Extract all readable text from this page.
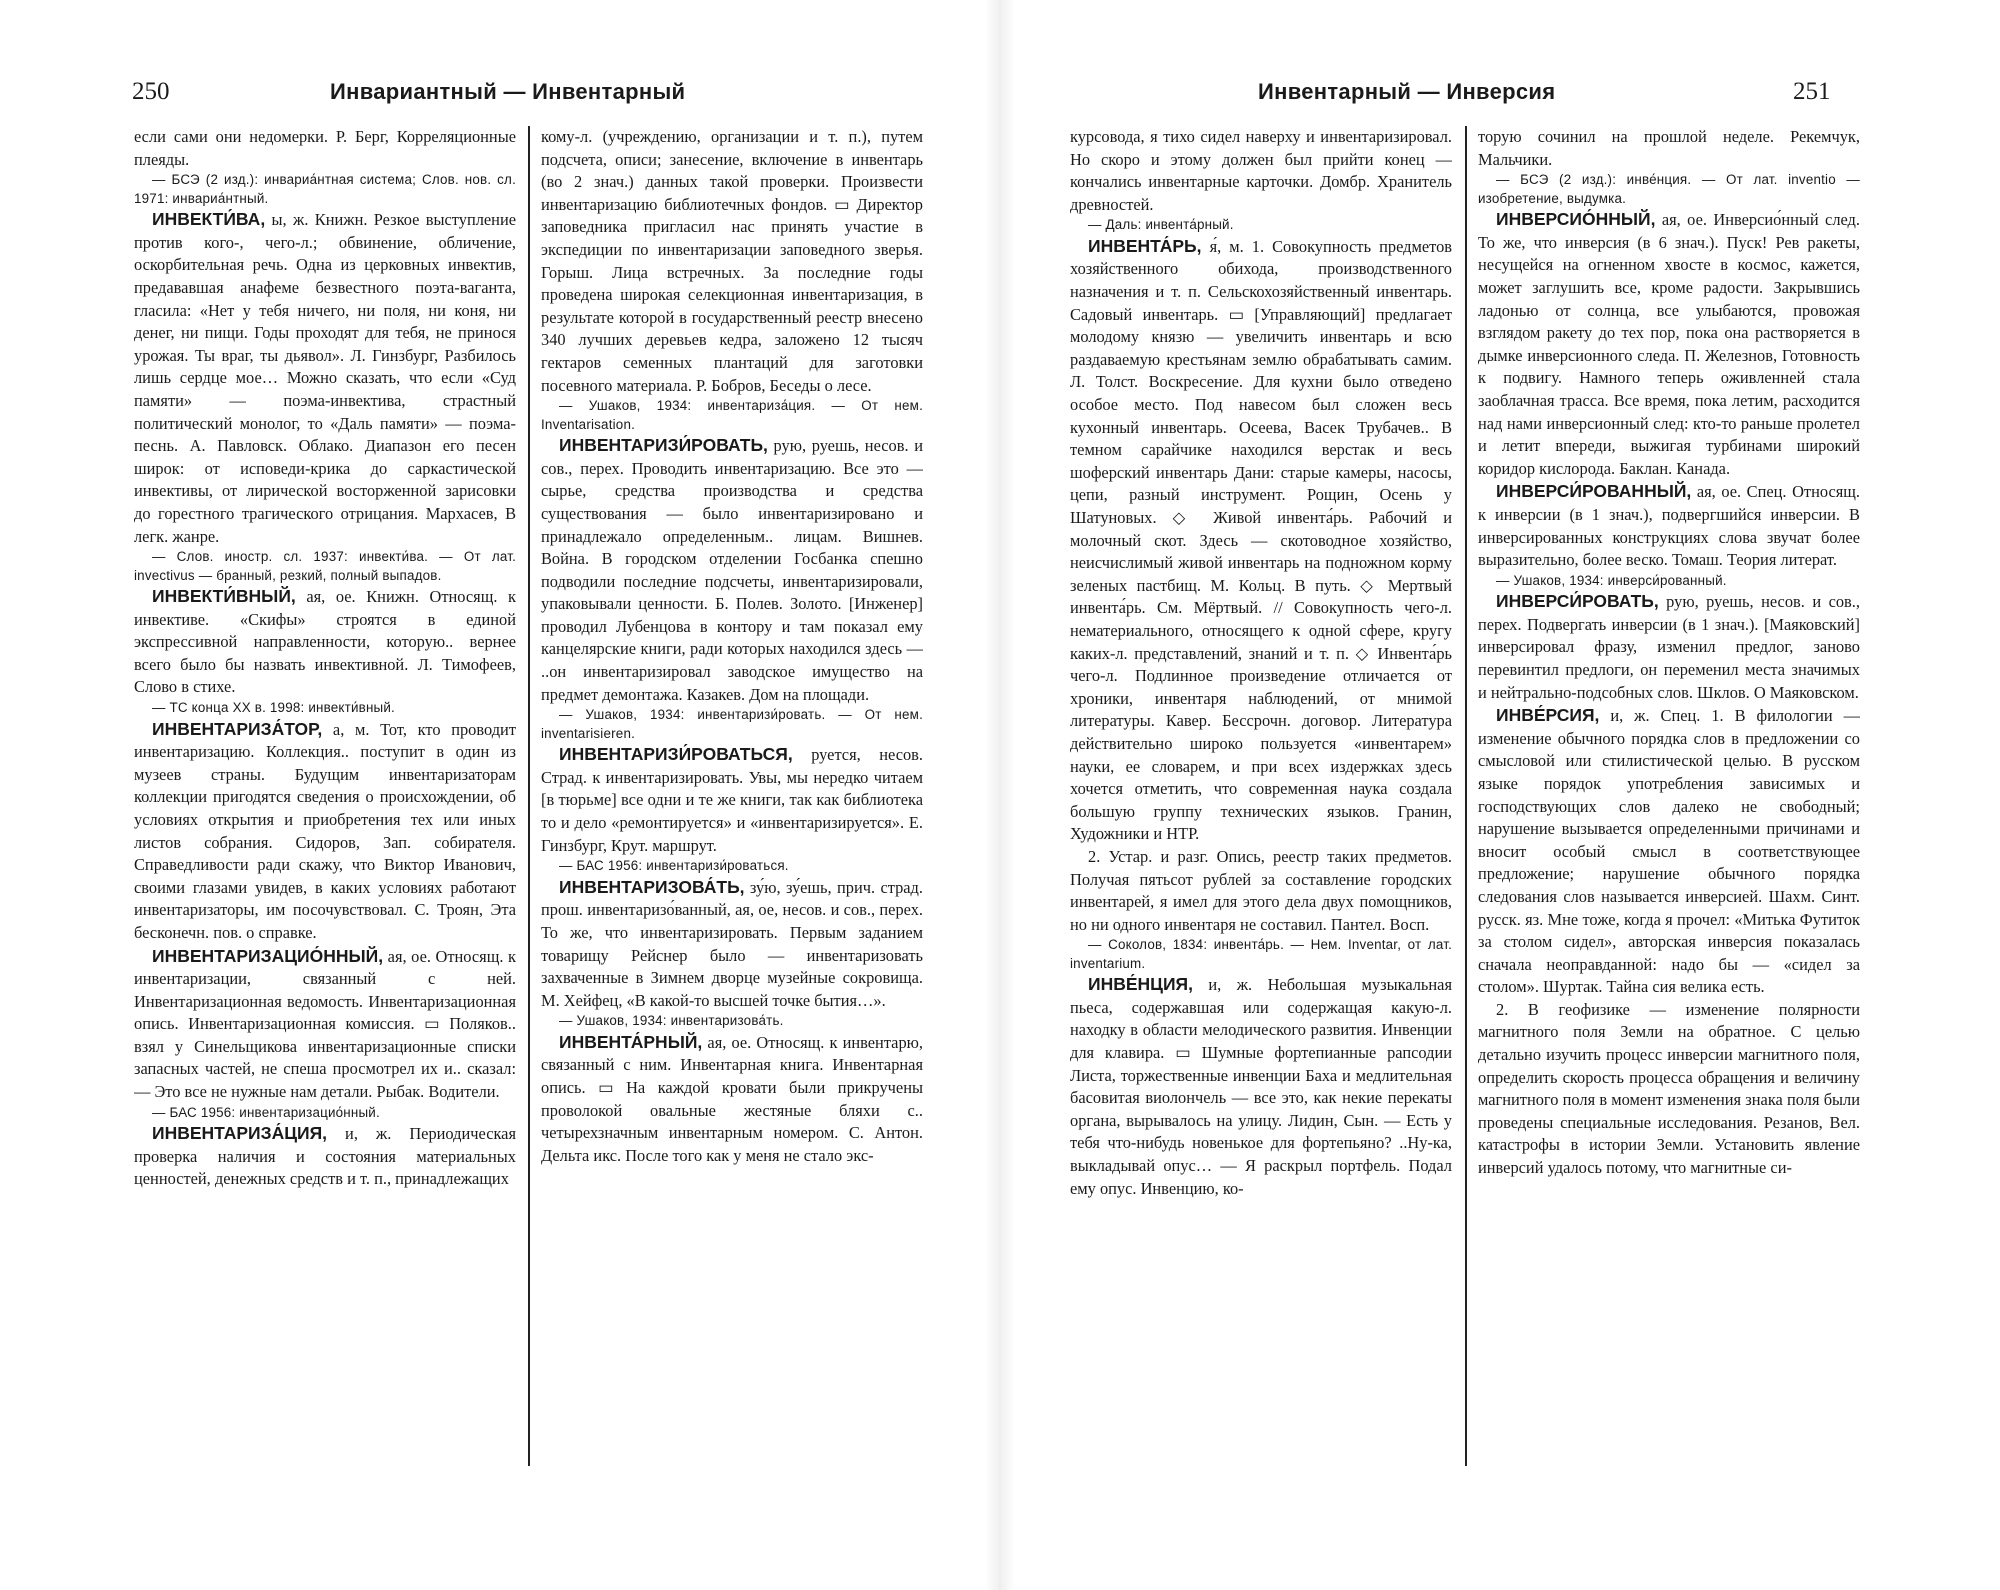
250	Инвариантный — Инвентарный

если сами они недомерки. Р. Берг, Корреляционные плеяды.

— БСЭ (2 изд.): инвариа́нтная система; Слов. нов. сл. 1971: инвариа́нтный.

ИНВЕКТИ́ВА, ы, ж. Книжн. Резкое выступление против кого-, чего-л.; обвинение, обличение, оскорбительная речь. Одна из церковных инвектив, предававшая анафеме безвестного поэта-ваганта, гласила: «Нет у тебя ничего, ни поля, ни коня, ни денег, ни пищи. Годы проходят для тебя, не принося урожая. Ты враг, ты дьявол». Л. Гинзбург, Разбилось лишь сердце мое… Можно сказать, что если «Суд памяти» — поэма-инвектива, страстный политический монолог, то «Даль памяти» — поэма-песнь. А. Павловск. Облако. Диапазон его песен широк: от исповеди-крика до саркастической инвективы, от лирической восторженной зарисовки до горестного трагического отрицания. Мархасев, В легк. жанре.

— Слов. иностр. сл. 1937: инвекти́ва. — От лат. invectivus — бранный, резкий, полный выпадов.

ИНВЕКТИ́ВНЫЙ, ая, ое. Книжн. Относящ. к инвективе. «Скифы» строятся в единой экспрессивной направленности, которую.. вернее всего было бы назвать инвективной. Л. Тимофеев, Слово в стихе.

— ТС конца XX в. 1998: инвекти́вный.

ИНВЕНТАРИЗА́ТОР, а, м. Тот, кто проводит инвентаризацию. Коллекция.. поступит в один из музеев страны. Будущим инвентаризаторам коллекции пригодятся сведения о происхождении, об условиях открытия и приобретения тех или иных листов собрания. Сидоров, Зап. собирателя. Справедливости ради скажу, что Виктор Иванович, своими глазами увидев, в каких условиях работают инвентаризаторы, им посочувствовал. С. Троян, Эта бесконечн. пов. о справке.

ИНВЕНТАРИЗАЦИО́ННЫЙ, ая, ое. Относящ. к инвентаризации, связанный с ней. Инвентаризационная ведомость. Инвентаризационная опись. Инвентаризационная комиссия. ▭ Поляков.. взял у Синельщикова инвентаризационные списки запасных частей, не спеша просмотрел их и.. сказал: — Это все не нужные нам детали. Рыбак. Водители.

— БАС 1956: инвентаризацио́нный.

ИНВЕНТАРИЗА́ЦИЯ, и, ж. Периодическая проверка наличия и состояния материальных ценностей, денежных средств и т. п., принадлежащих

кому-л. (учреждению, организации и т. п.), путем подсчета, описи; занесение, включение в инвентарь (во 2 знач.) данных такой проверки. Произвести инвентаризацию библиотечных фондов. ▭ Директор заповедника пригласил нас принять участие в экспедиции по инвентаризации заповедного зверья. Горыш. Лица встречных. За последние годы проведена широкая селекционная инвентаризация, в результате которой в государственный реестр внесено 340 лучших деревьев кедра, заложено 12 тысяч гектаров семенных плантаций для заготовки посевного материала. Р. Бобров, Беседы о лесе.

— Ушаков, 1934: инвентариза́ция. — От нем. Inventarisation.

ИНВЕНТАРИЗИ́РОВАТЬ, рую, руешь, несов. и сов., перех. Проводить инвентаризацию. Все это — сырье, средства производства и средства существования — было инвентаризировано и принадлежало определенным.. лицам. Вишнев. Война. В городском отделении Госбанка спешно подводили последние подсчеты, инвентаризировали, упаковывали ценности. Б. Полев. Золото. [Инженер] проводил Лубенцова в контору и там показал ему канцелярские книги, ради которых находился здесь — ..он инвентаризировал заводское имущество на предмет демонтажа. Казакев. Дом на площади.

— Ушаков, 1934: инвентаризи́ровать. — От нем. inventarisieren.

ИНВЕНТАРИЗИ́РОВАТЬСЯ, руется, несов. Страд. к инвентаризировать. Увы, мы нередко читаем [в тюрьме] все одни и те же книги, так как библиотека то и дело «ремонтируется» и «инвентаризируется». Е. Гинзбург, Крут. маршрут.

— БАС 1956: инвентаризи́роваться.

ИНВЕНТАРИЗОВА́ТЬ, зу́ю, зу́ешь, прич. страд. прош. инвентаризо́ванный, ая, ое, несов. и сов., перех. То же, что инвентаризировать. Первым заданием товарищу Рейснер было — инвентаризовать захваченные в Зимнем дворце музейные сокровища. М. Хейфец, «В какой-то высшей точке бытия…».

— Ушаков, 1934: инвентаризова́ть.

ИНВЕНТА́РНЫЙ, ая, ое. Относящ. к инвентарю, связанный с ним. Инвентарная книга. Инвентарная опись. ▭ На каждой кровати были прикручены проволокой овальные жестяные бляхи с.. четырехзначным инвентарным номером. С. Антон. Дельта икс. После того как у меня не стало экс-

Инвентарный — Инверсия	251

курсовода, я тихо сидел наверху и инвентаризировал. Но скоро и этому должен был прийти конец — кончались инвентарные карточки. Домбр. Хранитель древностей.

— Даль: инвента́рный.

ИНВЕНТА́РЬ, я́, м. 1. Совокупность предметов хозяйственного обихода, производственного назначения и т. п. Сельскохозяйственный инвентарь. Садовый инвентарь. ▭ [Управляющий] предлагает молодому князю — увеличить инвентарь и всю раздаваемую крестьянам землю обрабатывать самим. Л. Толст. Воскресение. Для кухни было отведено особое место. Под навесом был сложен весь кухонный инвентарь. Осеева, Васек Трубачев.. В темном сарайчике находился верстак и весь шоферский инвентарь Дани: старые камеры, насосы, цепи, разный инструмент. Рощин, Осень у Шатуновых. ◇ Живой инвента́рь. Рабочий и молочный скот. Здесь — скотоводное хозяйство, неисчислимый живой инвентарь на подножном корму зеленых пастбищ. М. Кольц. В путь. ◇ Мертвый инвента́рь. См. Мёртвый. // Совокупность чего-л. нематериального, относящего к одной сфере, кругу каких-л. представлений, знаний и т. п. ◇ Инвента́рь чего-л. Подлинное произведение отличается от хроники, инвентаря наблюдений, от мнимой литературы. Кавер. Бессрочн. договор. Литература действительно широко пользуется «инвентарем» науки, ее словарем, и при всех издержках здесь хочется отметить, что современная наука создала большую группу технических языков. Гранин, Художники и НТР.

2. Устар. и разг. Опись, реестр таких предметов. Получая пятьсот рублей за составление городских инвентарей, я имел для этого дела двух помощников, но ни одного инвентаря не составил. Пантел. Восп.

— Соколов, 1834: инвента́рь. — Нем. Inventar, от лат. inventarium.

ИНВЕ́НЦИЯ, и, ж. Небольшая музыкальная пьеса, содержавшая или содержащая какую-л. находку в области мелодического развития. Инвенции для клавира. ▭ Шумные фортепианные рапсодии Листа, торжественные инвенции Баха и медлительная басовитая виолончель — все это, как некие перекаты органа, вырывалось на улицу. Лидин, Сын. — Есть у тебя что-нибудь новенькое для фортепьяно? ..Ну-ка, выкладывай опус… — Я раскрыл портфель. Подал ему опус. Инвенцию, ко-

торую сочинил на прошлой неделе. Рекемчук, Мальчики.

— БСЭ (2 изд.): инве́нция. — От лат. inventio — изобретение, выдумка.

ИНВЕРСИО́ННЫЙ, ая, ое. Инверсио́нный след. То же, что инверсия (в 6 знач.). Пуск! Рев ракеты, несущейся на огненном хвосте в космос, кажется, может заглушить все, кроме радости. Закрывшись ладонью от солнца, все улыбаются, провожая взглядом ракету до тех пор, пока она растворяется в дымке инверсионного следа. П. Железнов, Готовность к подвигу. Намного теперь оживленней стала заоблачная трасса. Все время, пока летим, расходится над нами инверсионный след: кто-то раньше пролетел и летит впереди, выжигая турбинами широкий коридор кислорода. Баклан. Канада.

ИНВЕРСИ́РОВАННЫЙ, ая, ое. Спец. Относящ. к инверсии (в 1 знач.), подвергшийся инверсии. В инверсированных конструкциях слова звучат более выразительно, более веско. Томаш. Теория литерат.

— Ушаков, 1934: инверси́рованный.

ИНВЕРСИ́РОВАТЬ, рую, руешь, несов. и сов., перех. Подвергать инверсии (в 1 знач.). [Маяковский] инверсировал фразу, изменил предлог, заново перевинтил предлоги, он переменил места значимых и нейтрально-подсобных слов. Шклов. О Маяковском.

ИНВЕ́РСИЯ, и, ж. Спец. 1. В филологии — изменение обычного порядка слов в предложении со смысловой или стилистической целью. В русском языке порядок употребления зависимых и господствующих слов далеко не свободный; нарушение вызывается определенными причинами и вносит особый смысл в соответствующее предложение; нарушение обычного порядка следования слов называется инверсией. Шахм. Синт. русск. яз. Мне тоже, когда я прочел: «Митька Футиток за столом сидел», авторская инверсия показалась сначала неоправданной: надо бы — «сидел за столом». Шуртак. Тайна сия велика есть.

2. В геофизике — изменение полярности магнитного поля Земли на обратное. С целью детально изучить процесс инверсии магнитного поля, определить скорость процесса обращения и величину магнитного поля в момент изменения знака поля были проведены специальные исследования. Резанов, Вел. катастрофы в истории Земли. Установить явление инверсий удалось потому, что магнитные си-
